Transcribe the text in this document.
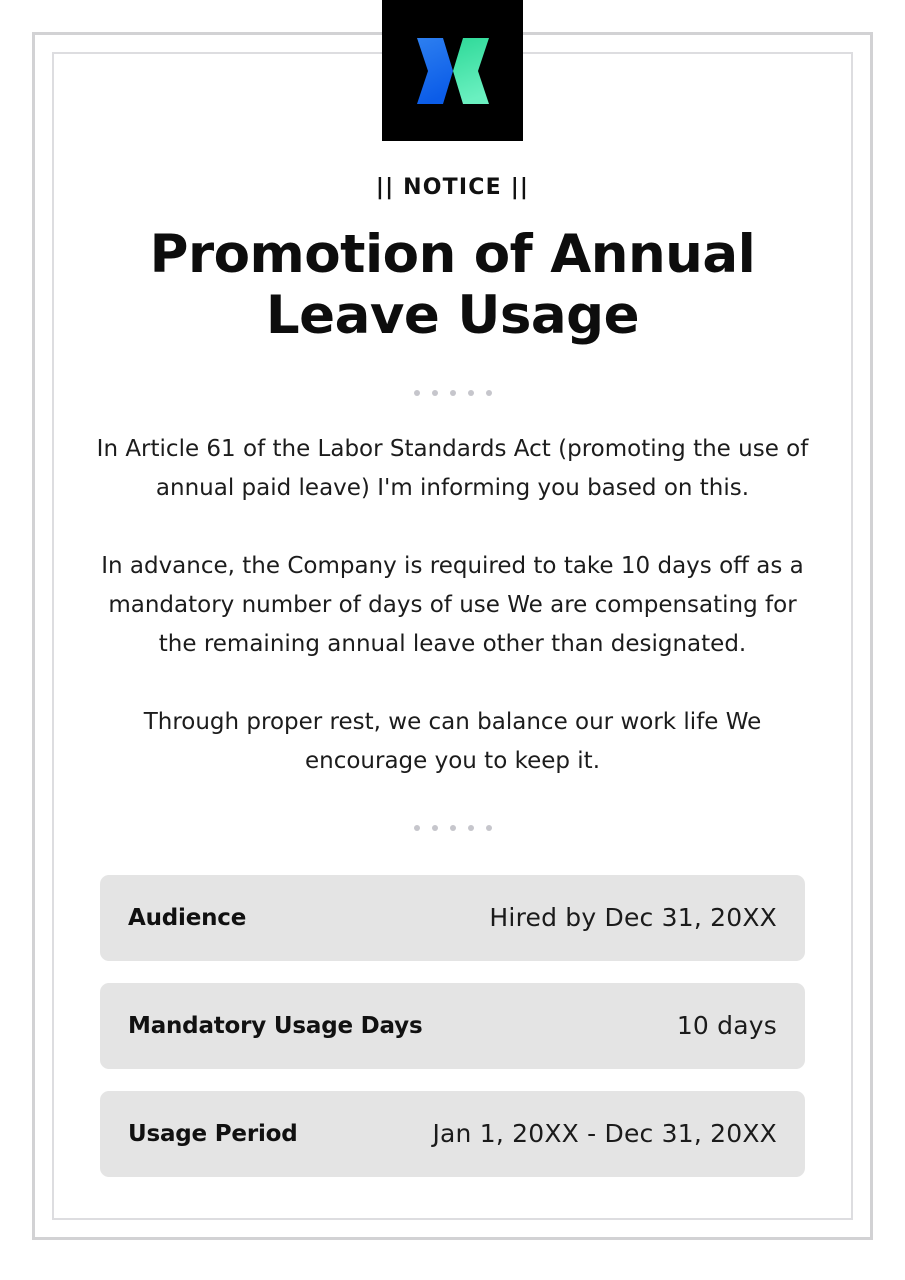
|| NOTICE ||
Promotion of Annual Leave Usage

In Article 61 of the Labor Standards Act (promoting the use of annual paid leave) I'm informing you based on this.

In advance, the Company is required to take 10 days off as a mandatory number of days of use We are compensating for the remaining annual leave other than designated.

Through proper rest, we can balance our work life We encourage you to keep it.

Audience	Hired by Dec 31, 20XX
Mandatory Usage Days	10 days
Usage Period	Jan 1, 20XX - Dec 31, 20XX
